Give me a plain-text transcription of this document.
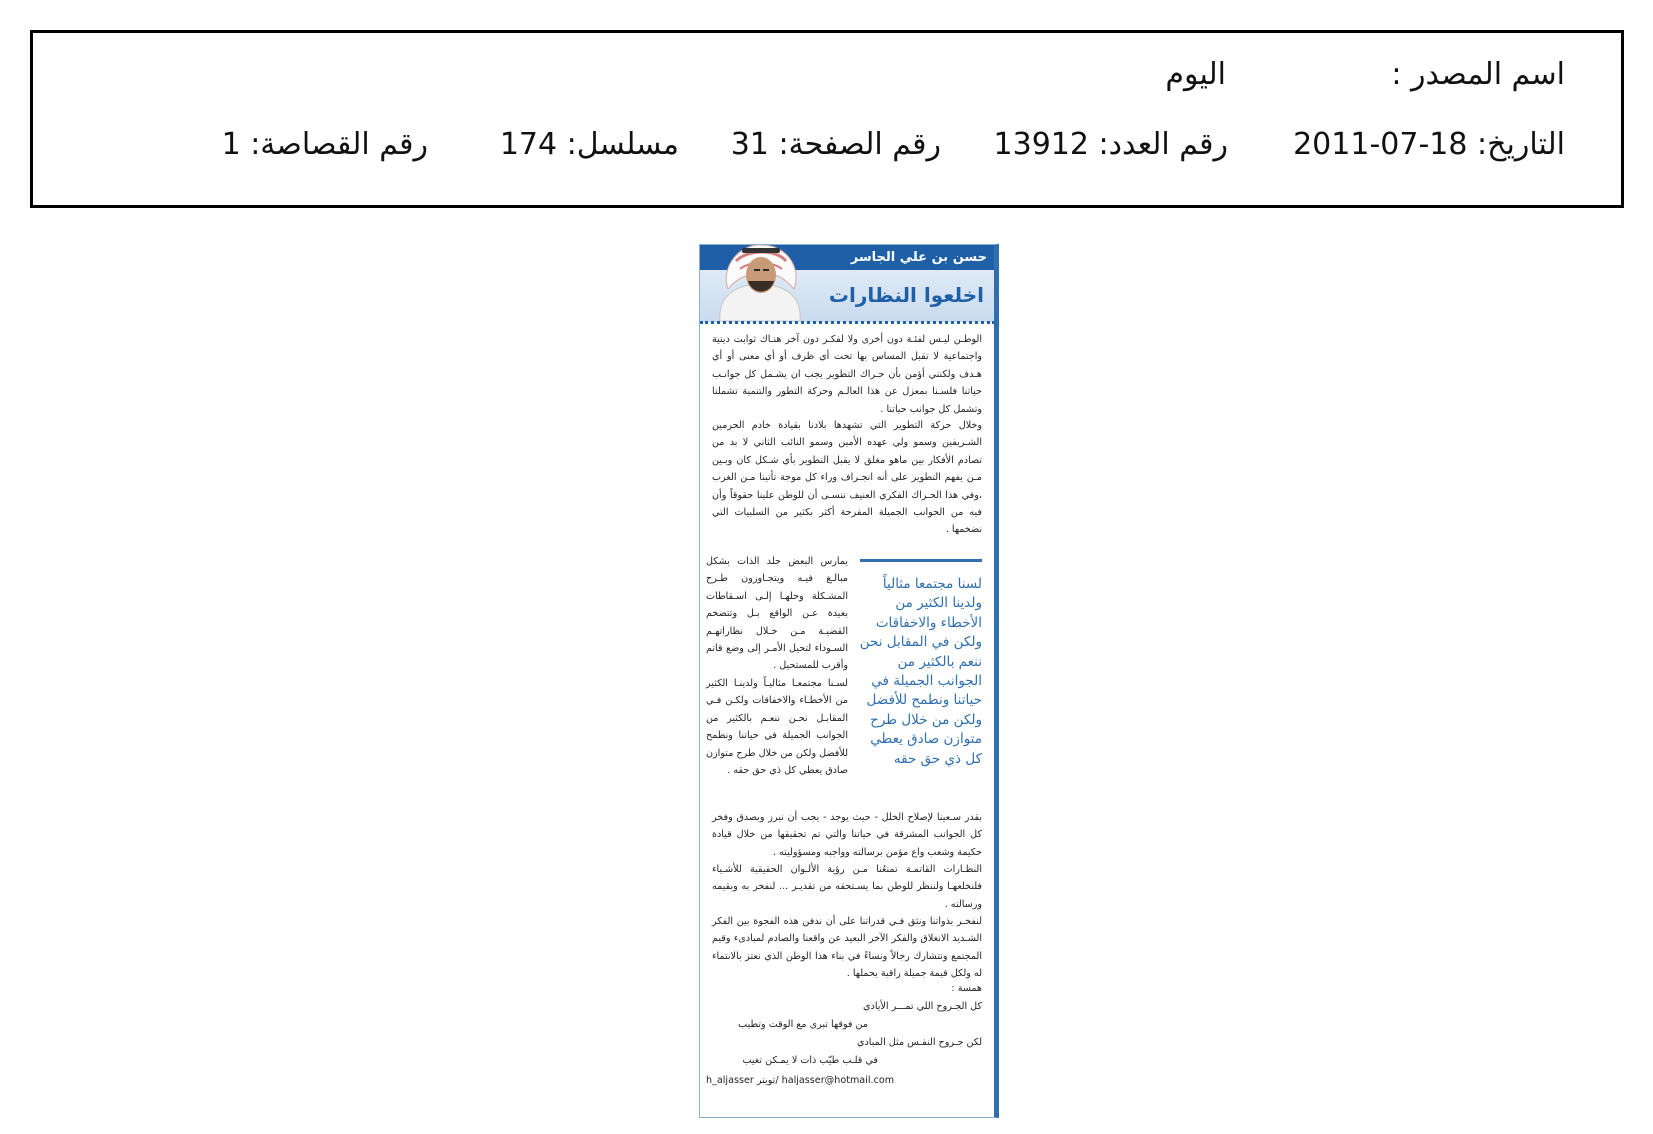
اسم المصدر :
اليوم
التاريخ: 18-07-2011
رقم العدد: 13912
رقم الصفحة: 31
مسلسل: 174
رقم القصاصة: 1
حسن بن علي الجاسر
اخلعوا النظارات
الوطـن ليـس لفئـة دون أخرى ولا لفكـر دون آخر هنـاك ثوابت دينية واجتماعية لا تقبل المساس بها تحت أي ظرف أو أي معنى أو أي هـدف ولكنني أؤمن بأن حـراك التطوير يجب ان يشـمل كل جوانـب حياتنا فلسـنا بمعزل عن هذا العالـم وحركة التطور والتنمية تشملنا وتشمل كل جوانب حياتنا .
وخلال حركة التطوير التي تشهدها بلادنا بقيادة خادم الحرمين الشـريفين وسمو ولي عهده الأمين وسمو النائب الثاني لا بد من تصادم الأفكار بين ماهو مغلق لا يقبل التطوير بأي شـكل كان وبـين مـن يفهم التطوير على أنه انجـراف وراء كل موجة تأتينا مـن الغرب ،وفي هذا الحـراك الفكري العنيف ننسـى أن للوطن علينا حقوقاً وأن فيه من الجوانب الجميلة المفرحة أكثر بكثير من السلبيات التي نضخمها .
يمارس البعض جلد الذات بشكل مبالـغ فيـه ويتجـاوزون طـرح المشـكلة وحلهـا إلـى اسـقاطات بعيدة عـن الواقع بـل وتتضخم القضيـة مـن خـلال نظاراتهـم السـوداء لتحيل الأمـر إلى وضع قاتم وأقرب للمستحيل .
لسـنا مجتمعـا مثاليـاً ولدينـا الكثير من الأخطـاء والاخفاقات ولكـن فـي المقابـل نحـن ننعـم بالكثير من الجوانب الجميلة في حياتنا ونطمح للأفضل ولكن من خلال طرح متوازن صادق يعطي كل ذي حق حقه .
لسنا مجتمعا مثالياً ولدينا الكثير من الأخطاء والاخفاقات ولكن في المقابل نحن ننعم بالكثير من الجوانب الجميلة في حياتنا ونطمح للأفضل ولكن من خلال طرح متوازن صادق يعطي كل ذي حق حقه
بقدر سـعينا لإصلاح الخلل - حيث يوجد - يجب أن نبرز وبصدق وفخر كل الجوانب المشرقة في حياتنا والتي تم تحقيقها من خلال قيادة حكيمة وشعب واع مؤمن برسالته وواجبه ومسؤوليته .
النظـارات القاتمـة تمنعُنا مـن رؤية الألـوان الحقيقية للأشـياء فلنخلعهـا ولننظر للوطن بما يسـتحقه من تقديـر ... لنفخر به وبقيمه ورسالته .
لنفخـر بذواتنا ونثق فـي قدراتنا على أن ندفن هذه الفجوة بين الفكر الشـديد الانغلاق والفكر الآخر البعيد عن واقعنا والصادم لمبادىء وقيم المجتمع ونتشارك رجالاً ونساءً في بناء هذا الوطن الذي نعتز بالانتماء له ولكل قيمة جميلة راقية يحملها .
همسة :
كل الجـروح اللي تمـــر الأيادي
من فوقها تبرى مع الوقت وتطيب
لكن جـروح النفـس مثل المبادي
في قلـب طيّب ذات لا يمـكن تغيب
h_aljasser تويتر/ haljasser@hotmail.com
